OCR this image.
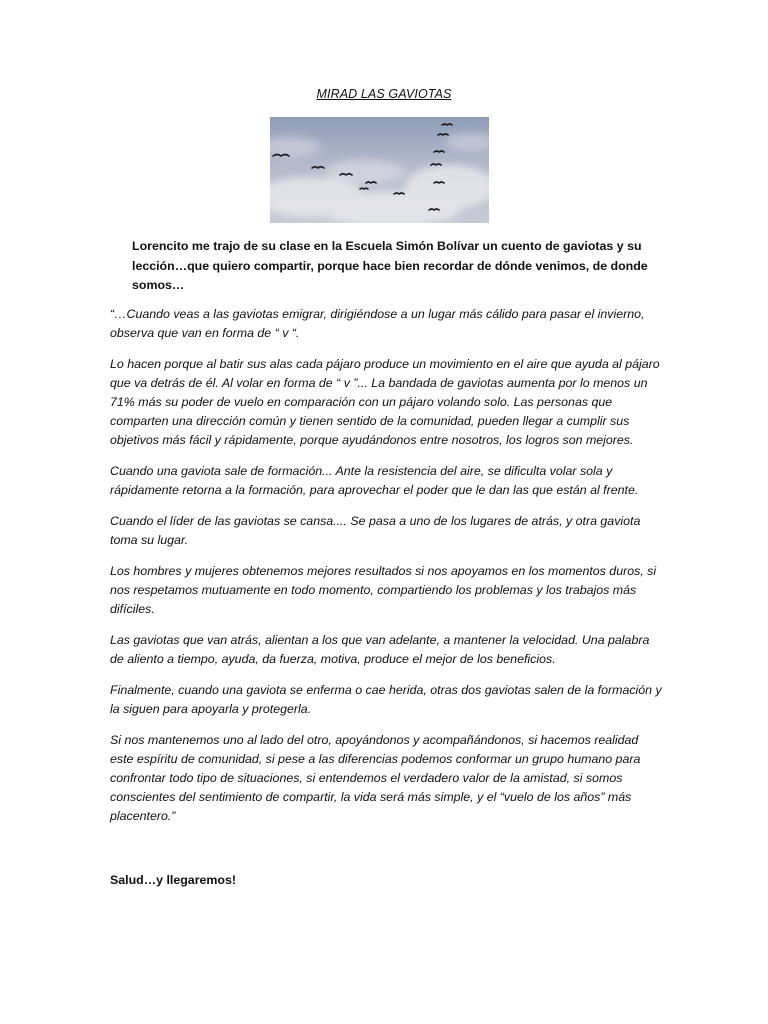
MIRAD LAS GAVIOTAS
Lorencito me trajo de su clase en la Escuela Simón Bolívar un cuento de gaviotas y su lección…que quiero compartir, porque hace bien recordar de dónde venimos, de donde somos…

“…Cuando veas a las gaviotas emigrar, dirigiéndose a un lugar más cálido para pasar el invierno, observa que van en forma de “ v “.

Lo hacen porque al batir sus alas cada pájaro produce un movimiento en el aire que ayuda al pájaro que va detrás de él. Al volar en forma de “ v ”... La bandada de gaviotas aumenta por lo menos un 71% más su poder de vuelo en comparación con un pájaro volando solo. Las personas que comparten una dirección común y tienen sentido de la comunidad, pueden llegar a cumplir sus objetivos más fácil y rápidamente, porque ayudándonos entre nosotros, los logros son mejores.

Cuando una gaviota sale de formación... Ante la resistencia del aire, se dificulta volar sola y rápidamente retorna a la formación, para aprovechar el poder que le dan las que están al frente.

Cuando el líder de las gaviotas se cansa.... Se pasa a uno de los lugares de atrás, y otra gaviota toma su lugar.

Los hombres y mujeres obtenemos mejores resultados si nos apoyamos en los momentos duros, si nos respetamos mutuamente en todo momento, compartiendo los problemas y los trabajos más difíciles.

Las gaviotas que van atrás, alientan a los que van adelante, a mantener la velocidad. Una palabra de aliento a tiempo, ayuda, da fuerza, motiva, produce el mejor de los beneficios.

Finalmente, cuando una gaviota se enferma o cae herida, otras dos gaviotas salen de la formación y la siguen para apoyarla y protegerla.

Si nos mantenemos uno al lado del otro, apoyándonos y acompañándonos, si hacemos realidad este espíritu de comunidad, si pese a las diferencias podemos conformar un grupo humano para confrontar todo tipo de situaciones, si entendemos el verdadero valor de la amistad, si somos conscientes del sentimiento de compartir, la vida será más simple, y el “vuelo de los años” más placentero.”

Salud…y llegaremos!
